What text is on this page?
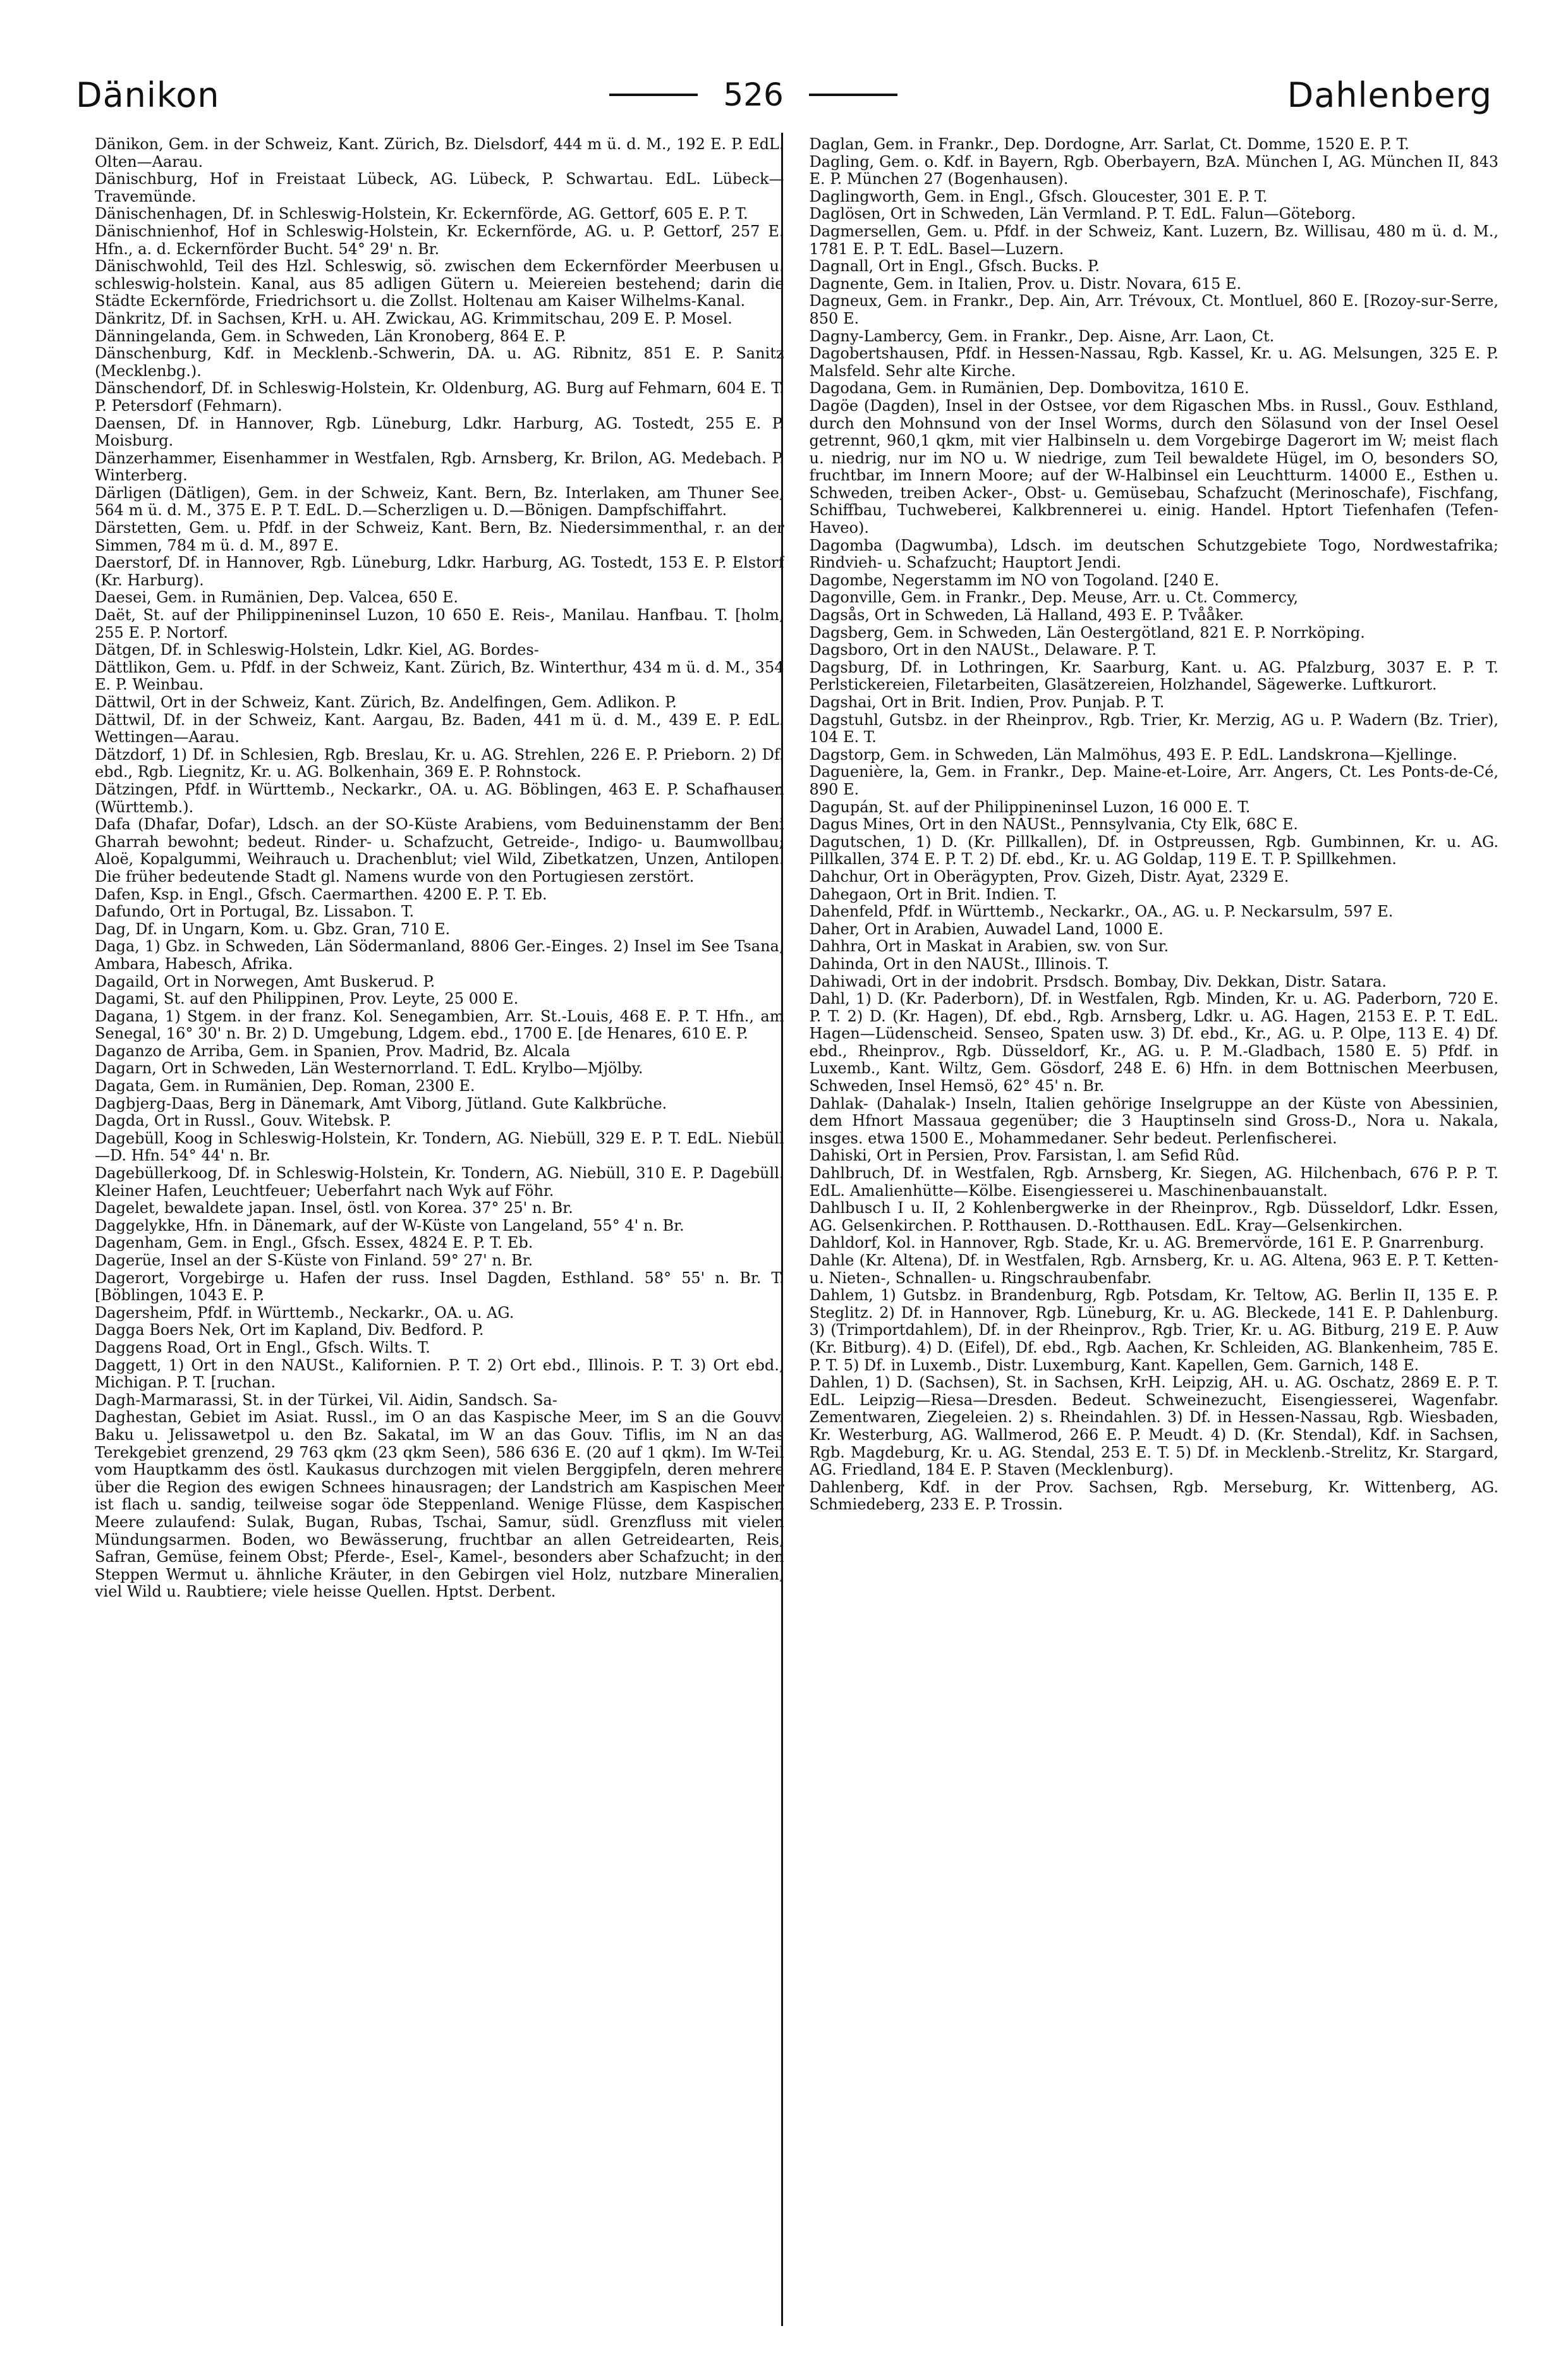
Dänikon	526	Dahlenberg

Dänikon, Gem. in der Schweiz, Kant. Zürich, Bz. Dielsdorf, 444 m ü. d. M., 192 E. P. EdL. Olten—Aarau.

Dänischburg, Hof in Freistaat Lübeck, AG. Lübeck, P. Schwartau. EdL. Lübeck—Travemünde.

Dänischenhagen, Df. in Schleswig-Holstein, Kr. Eckernförde, AG. Gettorf, 605 E. P. T.

Dänischnienhof, Hof in Schleswig-Holstein, Kr. Eckernförde, AG. u. P. Gettorf, 257 E. Hfn., a. d. Eckernförder Bucht. 54° 29' n. Br.

Dänischwohld, Teil des Hzl. Schleswig, sö. zwischen dem Eckernförder Meerbusen u. schleswig-holstein. Kanal, aus 85 adligen Gütern u. Meiereien bestehend; darin die Städte Eckernförde, Friedrichsort u. die Zollst. Holtenau am Kaiser Wilhelms-Kanal.

Dänkritz, Df. in Sachsen, KrH. u. AH. Zwickau, AG. Krimmitschau, 209 E. P. Mosel.

Dänningelanda, Gem. in Schweden, Län Kronoberg, 864 E. P.

Dänschenburg, Kdf. in Mecklenb.-Schwerin, DA. u. AG. Ribnitz, 851 E. P. Sanitz (Mecklenbg.).

Dänschendorf, Df. in Schleswig-Holstein, Kr. Oldenburg, AG. Burg auf Fehmarn, 604 E. T. P. Petersdorf (Fehmarn).

Daensen, Df. in Hannover, Rgb. Lüneburg, Ldkr. Harburg, AG. Tostedt, 255 E. P. Moisburg.

Dänzerhammer, Eisenhammer in Westfalen, Rgb. Arnsberg, Kr. Brilon, AG. Medebach. P. Winterberg.

Därligen (Dätligen), Gem. in der Schweiz, Kant. Bern, Bz. Interlaken, am Thuner See, 564 m ü. d. M., 375 E. P. T. EdL. D.—Scherzligen u. D.—Bönigen. Dampfschiffahrt.

Därstetten, Gem. u. Pfdf. in der Schweiz, Kant. Bern, Bz. Niedersimmenthal, r. an der Simmen, 784 m ü. d. M., 897 E.

Daerstorf, Df. in Hannover, Rgb. Lüneburg, Ldkr. Harburg, AG. Tostedt, 153 E. P. Elstorf (Kr. Harburg).

Daesei, Gem. in Rumänien, Dep. Valcea, 650 E.

Daët, St. auf der Philippineninsel Luzon, 10 650 E. Reis-, Manilau. Hanfbau. T. [holm, 255 E. P. Nortorf.

Dätgen, Df. in Schleswig-Holstein, Ldkr. Kiel, AG. Bordes-

Dättlikon, Gem. u. Pfdf. in der Schweiz, Kant. Zürich, Bz. Winterthur, 434 m ü. d. M., 354 E. P. Weinbau.

Dättwil, Ort in der Schweiz, Kant. Zürich, Bz. Andelfingen, Gem. Adlikon. P.

Dättwil, Df. in der Schweiz, Kant. Aargau, Bz. Baden, 441 m ü. d. M., 439 E. P. EdL. Wettingen—Aarau.

Dätzdorf, 1) Df. in Schlesien, Rgb. Breslau, Kr. u. AG. Strehlen, 226 E. P. Prieborn. 2) Df. ebd., Rgb. Liegnitz, Kr. u. AG. Bolkenhain, 369 E. P. Rohnstock.

Dätzingen, Pfdf. in Württemb., Neckarkr., OA. u. AG. Böblingen, 463 E. P. Schafhausen (Württemb.).

Dafa (Dhafar, Dofar), Ldsch. an der SO-Küste Arabiens, vom Beduinenstamm der Beni Gharrah bewohnt; bedeut. Rinder- u. Schafzucht, Getreide-, Indigo- u. Baumwollbau; Aloë, Kopalgummi, Weihrauch u. Drachenblut; viel Wild, Zibetkatzen, Unzen, Antilopen. Die früher bedeutende Stadt gl. Namens wurde von den Portugiesen zerstört.

Dafen, Ksp. in Engl., Gfsch. Caermarthen. 4200 E. P. T. Eb.

Dafundo, Ort in Portugal, Bz. Lissabon. T.

Dag, Df. in Ungarn, Kom. u. Gbz. Gran, 710 E.

Daga, 1) Gbz. in Schweden, Län Södermanland, 8806 Ger.-Einges. 2) Insel im See Tsana, Ambara, Habesch, Afrika.

Dagaild, Ort in Norwegen, Amt Buskerud. P.

Dagami, St. auf den Philippinen, Prov. Leyte, 25 000 E.

Dagana, 1) Stgem. in der franz. Kol. Senegambien, Arr. St.-Louis, 468 E. P. T. Hfn., am Senegal, 16° 30' n. Br. 2) D. Umgebung, Ldgem. ebd., 1700 E. [de Henares, 610 E. P.

Daganzo de Arriba, Gem. in Spanien, Prov. Madrid, Bz. Alcala

Dagarn, Ort in Schweden, Län Westernorrland. T. EdL. Krylbo—Mjölby.

Dagata, Gem. in Rumänien, Dep. Roman, 2300 E.

Dagbjerg-Daas, Berg in Dänemark, Amt Viborg, Jütland. Gute Kalkbrüche.

Dagda, Ort in Russl., Gouv. Witebsk. P.

Dagebüll, Koog in Schleswig-Holstein, Kr. Tondern, AG. Niebüll, 329 E. P. T. EdL. Niebüll—D. Hfn. 54° 44' n. Br.

Dagebüllerkoog, Df. in Schleswig-Holstein, Kr. Tondern, AG. Niebüll, 310 E. P. Dagebüll. Kleiner Hafen, Leuchtfeuer; Ueberfahrt nach Wyk auf Föhr.

Dagelet, bewaldete japan. Insel, östl. von Korea. 37° 25' n. Br.

Daggelykke, Hfn. in Dänemark, auf der W-Küste von Langeland, 55° 4' n. Br.

Dagenham, Gem. in Engl., Gfsch. Essex, 4824 E. P. T. Eb.

Dagerüe, Insel an der S-Küste von Finland. 59° 27' n. Br.

Dagerort, Vorgebirge u. Hafen der russ. Insel Dagden, Esthland. 58° 55' n. Br. T. [Böblingen, 1043 E. P.

Dagersheim, Pfdf. in Württemb., Neckarkr., OA. u. AG.

Dagga Boers Nek, Ort im Kapland, Div. Bedford. P.

Daggens Road, Ort in Engl., Gfsch. Wilts. T.

Daggett, 1) Ort in den NAUSt., Kalifornien. P. T. 2) Ort ebd., Illinois. P. T. 3) Ort ebd., Michigan. P. T. [ruchan.

Dagh-Marmarassi, St. in der Türkei, Vil. Aidin, Sandsch. Sa-

Daghestan, Gebiet im Asiat. Russl., im O an das Kaspische Meer, im S an die Gouvv. Baku u. Jelissawetpol u. den Bz. Sakatal, im W an das Gouv. Tiflis, im N an das Terekgebiet grenzend, 29 763 qkm (23 qkm Seen), 586 636 E. (20 auf 1 qkm). Im W-Teil vom Hauptkamm des östl. Kaukasus durchzogen mit vielen Berggipfeln, deren mehrere über die Region des ewigen Schnees hinausragen; der Landstrich am Kaspischen Meer ist flach u. sandig, teilweise sogar öde Steppenland. Wenige Flüsse, dem Kaspischen Meere zulaufend: Sulak, Bugan, Rubas, Tschai, Samur, südl. Grenzfluss mit vielen Mündungsarmen. Boden, wo Bewässerung, fruchtbar an allen Getreidearten, Reis, Safran, Gemüse, feinem Obst; Pferde-, Esel-, Kamel-, besonders aber Schafzucht; in den Steppen Wermut u. ähnliche Kräuter, in den Gebirgen viel Holz, nutzbare Mineralien, viel Wild u. Raubtiere; viele heisse Quellen. Hptst. Derbent.

Daglan, Gem. in Frankr., Dep. Dordogne, Arr. Sarlat, Ct. Domme, 1520 E. P. T.

Dagling, Gem. o. Kdf. in Bayern, Rgb. Oberbayern, BzA. München I, AG. München II, 843 E. P. München 27 (Bogenhausen).

Daglingworth, Gem. in Engl., Gfsch. Gloucester, 301 E. P. T.

Daglösen, Ort in Schweden, Län Vermland. P. T. EdL. Falun—Göteborg.

Dagmersellen, Gem. u. Pfdf. in der Schweiz, Kant. Luzern, Bz. Willisau, 480 m ü. d. M., 1781 E. P. T. EdL. Basel—Luzern.

Dagnall, Ort in Engl., Gfsch. Bucks. P.

Dagnente, Gem. in Italien, Prov. u. Distr. Novara, 615 E.

Dagneux, Gem. in Frankr., Dep. Ain, Arr. Trévoux, Ct. Montluel, 860 E. [Rozoy-sur-Serre, 850 E.

Dagny-Lambercy, Gem. in Frankr., Dep. Aisne, Arr. Laon, Ct.

Dagobertshausen, Pfdf. in Hessen-Nassau, Rgb. Kassel, Kr. u. AG. Melsungen, 325 E. P. Malsfeld. Sehr alte Kirche.

Dagodana, Gem. in Rumänien, Dep. Dombovitza, 1610 E.

Dagöe (Dagden), Insel in der Ostsee, vor dem Rigaschen Mbs. in Russl., Gouv. Esthland, durch den Mohnsund von der Insel Worms, durch den Sölasund von der Insel Oesel getrennt, 960,1 qkm, mit vier Halbinseln u. dem Vorgebirge Dagerort im W; meist flach u. niedrig, nur im NO u. W niedrige, zum Teil bewaldete Hügel, im O, besonders SO, fruchtbar, im Innern Moore; auf der W-Halbinsel ein Leuchtturm. 14000 E., Esthen u. Schweden, treiben Acker-, Obst- u. Gemüsebau, Schafzucht (Merinoschafe), Fischfang, Schiffbau, Tuchweberei, Kalkbrennerei u. einig. Handel. Hptort Tiefenhafen (Tefen-Haveo).

Dagomba (Dagwumba), Ldsch. im deutschen Schutzgebiete Togo, Nordwestafrika; Rindvieh- u. Schafzucht; Hauptort Jendi.

Dagombe, Negerstamm im NO von Togoland. [240 E.

Dagonville, Gem. in Frankr., Dep. Meuse, Arr. u. Ct. Commercy,

Dagsås, Ort in Schweden, Lä Halland, 493 E. P. Tvååker.

Dagsberg, Gem. in Schweden, Län Oestergötland, 821 E. P. Norrköping.

Dagsboro, Ort in den NAUSt., Delaware. P. T.

Dagsburg, Df. in Lothringen, Kr. Saarburg, Kant. u. AG. Pfalzburg, 3037 E. P. T. Perlstickereien, Filetarbeiten, Glasätzereien, Holzhandel, Sägewerke. Luftkurort.

Dagshai, Ort in Brit. Indien, Prov. Punjab. P. T.

Dagstuhl, Gutsbz. in der Rheinprov., Rgb. Trier, Kr. Merzig, AG u. P. Wadern (Bz. Trier), 104 E. T.

Dagstorp, Gem. in Schweden, Län Malmöhus, 493 E. P. EdL. Landskrona—Kjellinge.

Daguenière, la, Gem. in Frankr., Dep. Maine-et-Loire, Arr. Angers, Ct. Les Ponts-de-Cé, 890 E.

Dagupán, St. auf der Philippineninsel Luzon, 16 000 E. T.

Dagus Mines, Ort in den NAUSt., Pennsylvania, Cty Elk, 68C E.

Dagutschen, 1) D. (Kr. Pillkallen), Df. in Ostpreussen, Rgb. Gumbinnen, Kr. u. AG. Pillkallen, 374 E. P. T. 2) Df. ebd., Kr. u. AG Goldap, 119 E. T. P. Spillkehmen.

Dahchur, Ort in Oberägypten, Prov. Gizeh, Distr. Ayat, 2329 E.

Dahegaon, Ort in Brit. Indien. T.

Dahenfeld, Pfdf. in Württemb., Neckarkr., OA., AG. u. P. Neckarsulm, 597 E.

Daher, Ort in Arabien, Auwadel Land, 1000 E.

Dahhra, Ort in Maskat in Arabien, sw. von Sur.

Dahinda, Ort in den NAUSt., Illinois. T.

Dahiwadi, Ort in der indobrit. Prsdsch. Bombay, Div. Dekkan, Distr. Satara.

Dahl, 1) D. (Kr. Paderborn), Df. in Westfalen, Rgb. Minden, Kr. u. AG. Paderborn, 720 E. P. T. 2) D. (Kr. Hagen), Df. ebd., Rgb. Arnsberg, Ldkr. u. AG. Hagen, 2153 E. P. T. EdL. Hagen—Lüdenscheid. Senseo, Spaten usw. 3) Df. ebd., Kr., AG. u. P. Olpe, 113 E. 4) Df. ebd., Rheinprov., Rgb. Düsseldorf, Kr., AG. u. P. M.-Gladbach, 1580 E. 5) Pfdf. in Luxemb., Kant. Wiltz, Gem. Gösdorf, 248 E. 6) Hfn. in dem Bottnischen Meerbusen, Schweden, Insel Hemsö, 62° 45' n. Br.

Dahlak- (Dahalak-) Inseln, Italien gehörige Inselgruppe an der Küste von Abessinien, dem Hfnort Massaua gegenüber; die 3 Hauptinseln sind Gross-D., Nora u. Nakala, insges. etwa 1500 E., Mohammedaner. Sehr bedeut. Perlenfischerei.

Dahiski, Ort in Persien, Prov. Farsistan, l. am Sefid Rûd.

Dahlbruch, Df. in Westfalen, Rgb. Arnsberg, Kr. Siegen, AG. Hilchenbach, 676 P. P. T. EdL. Amalienhütte—Kölbe. Eisengiesserei u. Maschinenbauanstalt.

Dahlbusch I u. II, 2 Kohlenbergwerke in der Rheinprov., Rgb. Düsseldorf, Ldkr. Essen, AG. Gelsenkirchen. P. Rotthausen. D.-Rotthausen. EdL. Kray—Gelsenkirchen.

Dahldorf, Kol. in Hannover, Rgb. Stade, Kr. u. AG. Bremervörde, 161 E. P. Gnarrenburg.

Dahle (Kr. Altena), Df. in Westfalen, Rgb. Arnsberg, Kr. u. AG. Altena, 963 E. P. T. Ketten- u. Nieten-, Schnallen- u. Ringschraubenfabr.

Dahlem, 1) Gutsbz. in Brandenburg, Rgb. Potsdam, Kr. Teltow, AG. Berlin II, 135 E. P. Steglitz. 2) Df. in Hannover, Rgb. Lüneburg, Kr. u. AG. Bleckede, 141 E. P. Dahlenburg. 3) (Trimportdahlem), Df. in der Rheinprov., Rgb. Trier, Kr. u. AG. Bitburg, 219 E. P. Auw (Kr. Bitburg). 4) D. (Eifel), Df. ebd., Rgb. Aachen, Kr. Schleiden, AG. Blankenheim, 785 E. P. T. 5) Df. in Luxemb., Distr. Luxemburg, Kant. Kapellen, Gem. Garnich, 148 E.

Dahlen, 1) D. (Sachsen), St. in Sachsen, KrH. Leipzig, AH. u. AG. Oschatz, 2869 E. P. T. EdL. Leipzig—Riesa—Dresden. Bedeut. Schweinezucht, Eisengiesserei, Wagenfabr. Zementwaren, Ziegeleien. 2) s. Rheindahlen. 3) Df. in Hessen-Nassau, Rgb. Wiesbaden, Kr. Westerburg, AG. Wallmerod, 266 E. P. Meudt. 4) D. (Kr. Stendal), Kdf. in Sachsen, Rgb. Magdeburg, Kr. u. AG. Stendal, 253 E. T. 5) Df. in Mecklenb.-Strelitz, Kr. Stargard, AG. Friedland, 184 E. P. Staven (Mecklenburg).

Dahlenberg, Kdf. in der Prov. Sachsen, Rgb. Merseburg, Kr. Wittenberg, AG. Schmiedeberg, 233 E. P. Trossin.
